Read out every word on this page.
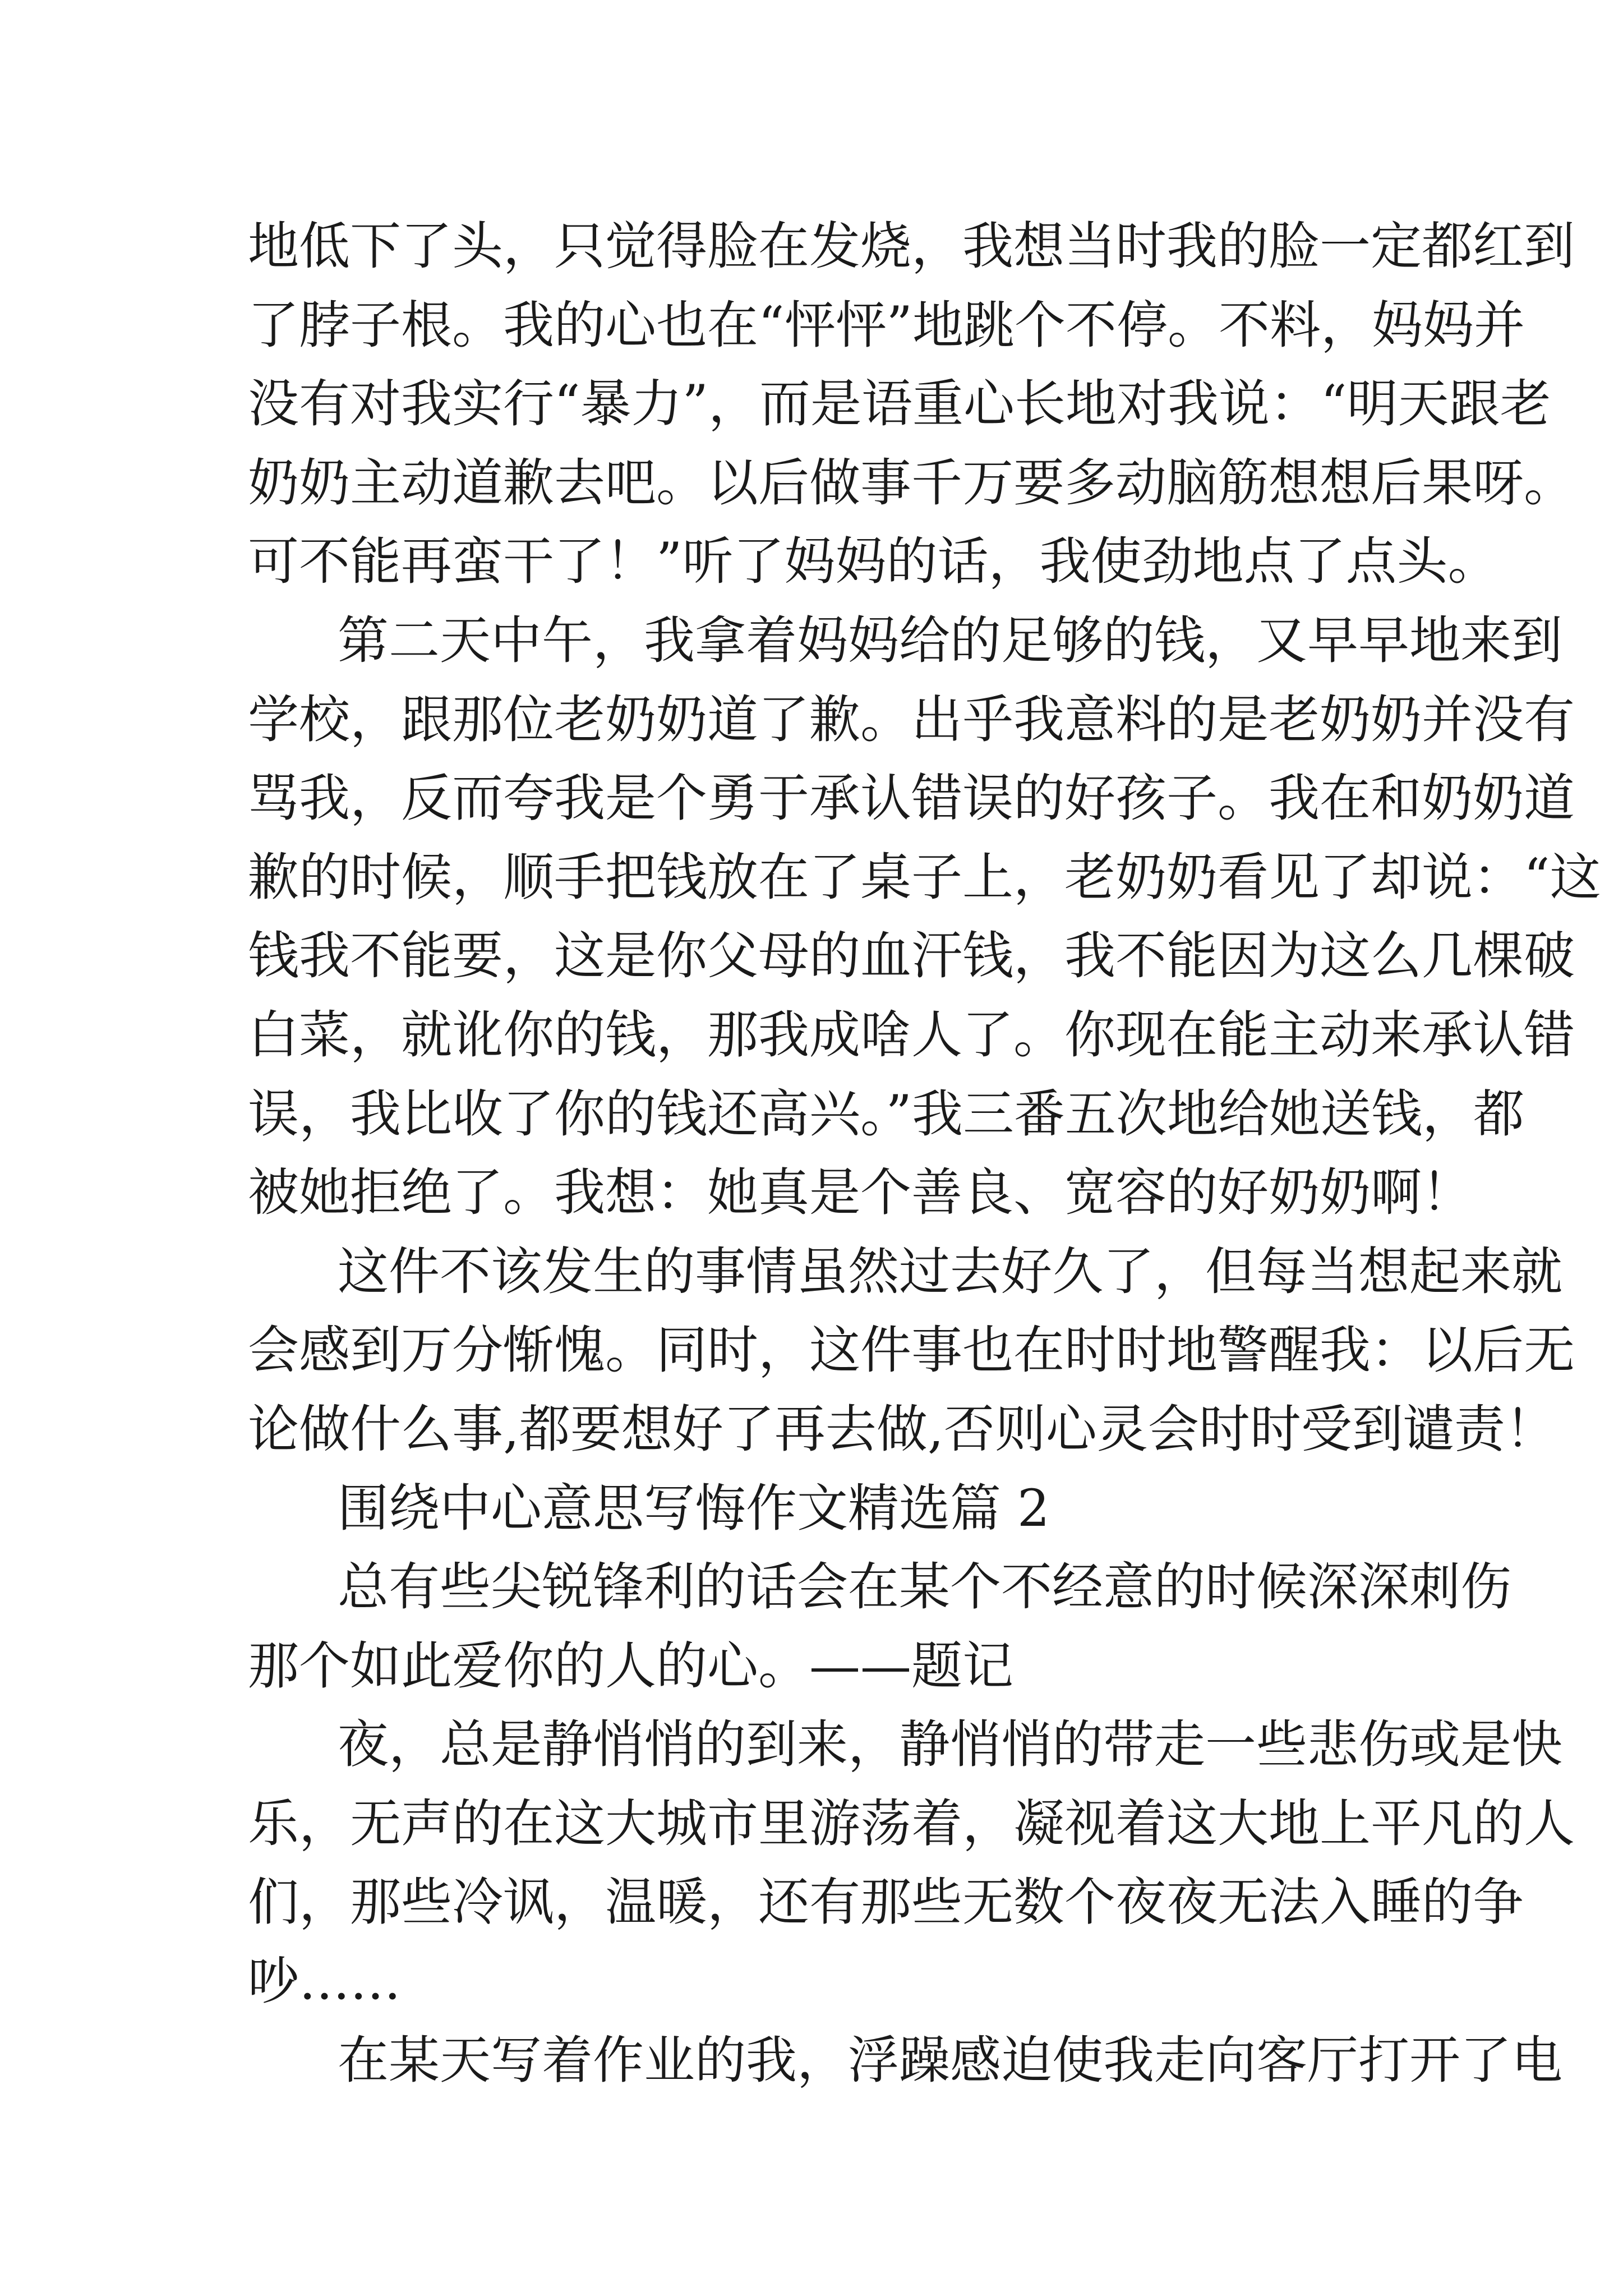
地低下了头，只觉得脸在发烧，我想当时我的脸一定都红到
了脖子根。我的心也在“怦怦”地跳个不停。不料，妈妈并
没有对我实行“暴力”，而是语重心长地对我说：“明天跟老
奶奶主动道歉去吧。以后做事千万要多动脑筋想想后果呀。
可不能再蛮干了！”听了妈妈的话，我使劲地点了点头。
第二天中午，我拿着妈妈给的足够的钱，又早早地来到
学校，跟那位老奶奶道了歉。出乎我意料的是老奶奶并没有
骂我，反而夸我是个勇于承认错误的好孩子。我在和奶奶道
歉的时候，顺手把钱放在了桌子上，老奶奶看见了却说：“这
钱我不能要，这是你父母的血汗钱，我不能因为这么几棵破
白菜，就讹你的钱，那我成啥人了。你现在能主动来承认错
误，我比收了你的钱还高兴。”我三番五次地给她送钱，都
被她拒绝了。我想：她真是个善良、宽容的好奶奶啊！
这件不该发生的事情虽然过去好久了，但每当想起来就
会感到万分惭愧。同时，这件事也在时时地警醒我：以后无
论做什么事,都要想好了再去做,否则心灵会时时受到谴责！
围绕中心意思写悔作文精选篇 2
总有些尖锐锋利的话会在某个不经意的时候深深刺伤
那个如此爱你的人的心。——题记
夜，总是静悄悄的到来，静悄悄的带走一些悲伤或是快
乐，无声的在这大城市里游荡着，凝视着这大地上平凡的人
们，那些冷讽，温暖，还有那些无数个夜夜无法入睡的争
吵……
在某天写着作业的我，浮躁感迫使我走向客厅打开了电
